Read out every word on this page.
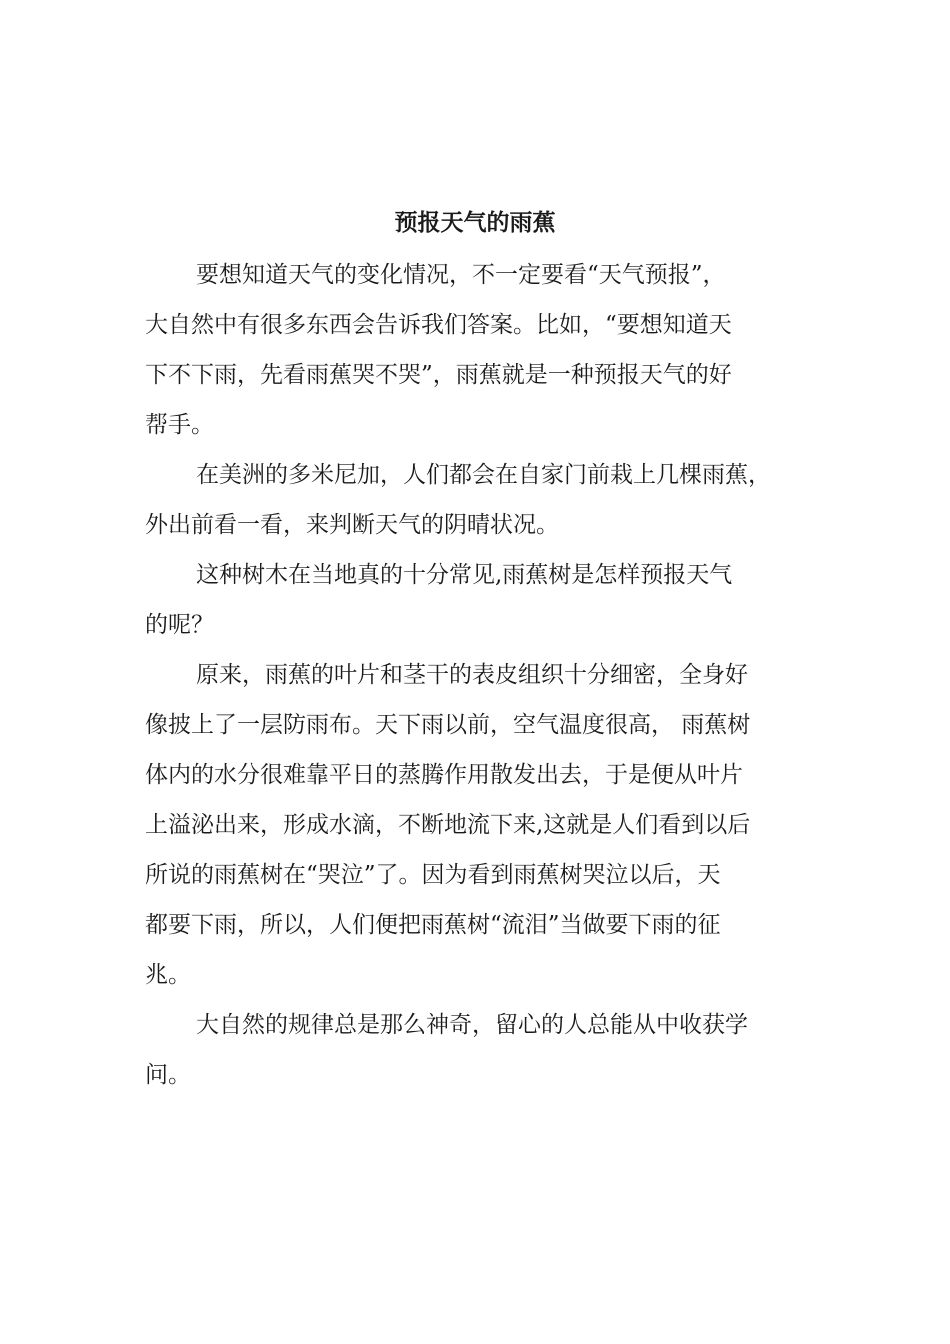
预报天气的雨蕉

要想知道天气的变化情况，不一定要看“天气预报”，
大自然中有很多东西会告诉我们答案。比如，“要想知道天
下不下雨，先看雨蕉哭不哭”，雨蕉就是一种预报天气的好
帮手。

在美洲的多米尼加，人们都会在自家门前栽上几棵雨蕉，
外出前看一看，来判断天气的阴晴状况。

这种树木在当地真的十分常见,雨蕉树是怎样预报天气
的呢？

原来，雨蕉的叶片和茎干的表皮组织十分细密，全身好
像披上了一层防雨布。天下雨以前，空气温度很高， 雨蕉树
体内的水分很难靠平日的蒸腾作用散发出去，于是便从叶片
上溢泌出来，形成水滴，不断地流下来,这就是人们看到以后
所说的雨蕉树在“哭泣”了。因为看到雨蕉树哭泣以后，天
都要下雨，所以，人们便把雨蕉树“流泪”当做要下雨的征
兆。

大自然的规律总是那么神奇，留心的人总能从中收获学
问。
